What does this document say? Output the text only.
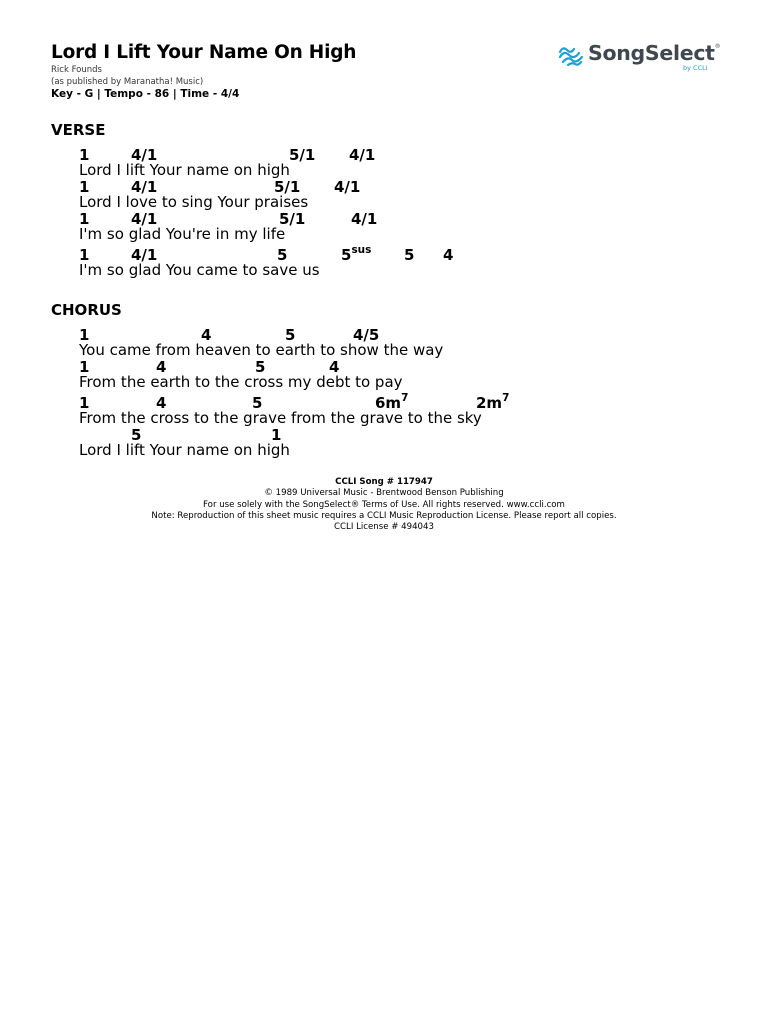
Lord I Lift Your Name On High
Rick Founds
(as published by Maranatha! Music)
Key - G | Tempo - 86 | Time - 4/4
SongSelect®
by CCLI
VERSE
1	4/1	5/1 4/1
Lord I lift Your name on high
1	4/1	5/1 4/1
Lord I love to sing Your praises
1	4/1	5/1	4/1
I'm so glad You're in my life
1	4/1	5	$5^{sus}$ 5 4
I'm so glad You came to save us
CHORUS
1	4	5	4/5
You came from heaven to earth to show the way
1	4	5	4
From the earth to the cross my debt to pay
1	4	5	$6m^7$	$2m^7$
From the cross to the grave from the grave to the sky
5	1
Lord I lift Your name on high
CCLI Song # 117947
© 1989 Universal Music - Brentwood Benson Publishing
For use solely with the SongSelect® Terms of Use. All rights reserved. www.ccli.com
Note: Reproduction of this sheet music requires a CCLI Music Reproduction License. Please report all copies.
CCLI License # 494043
